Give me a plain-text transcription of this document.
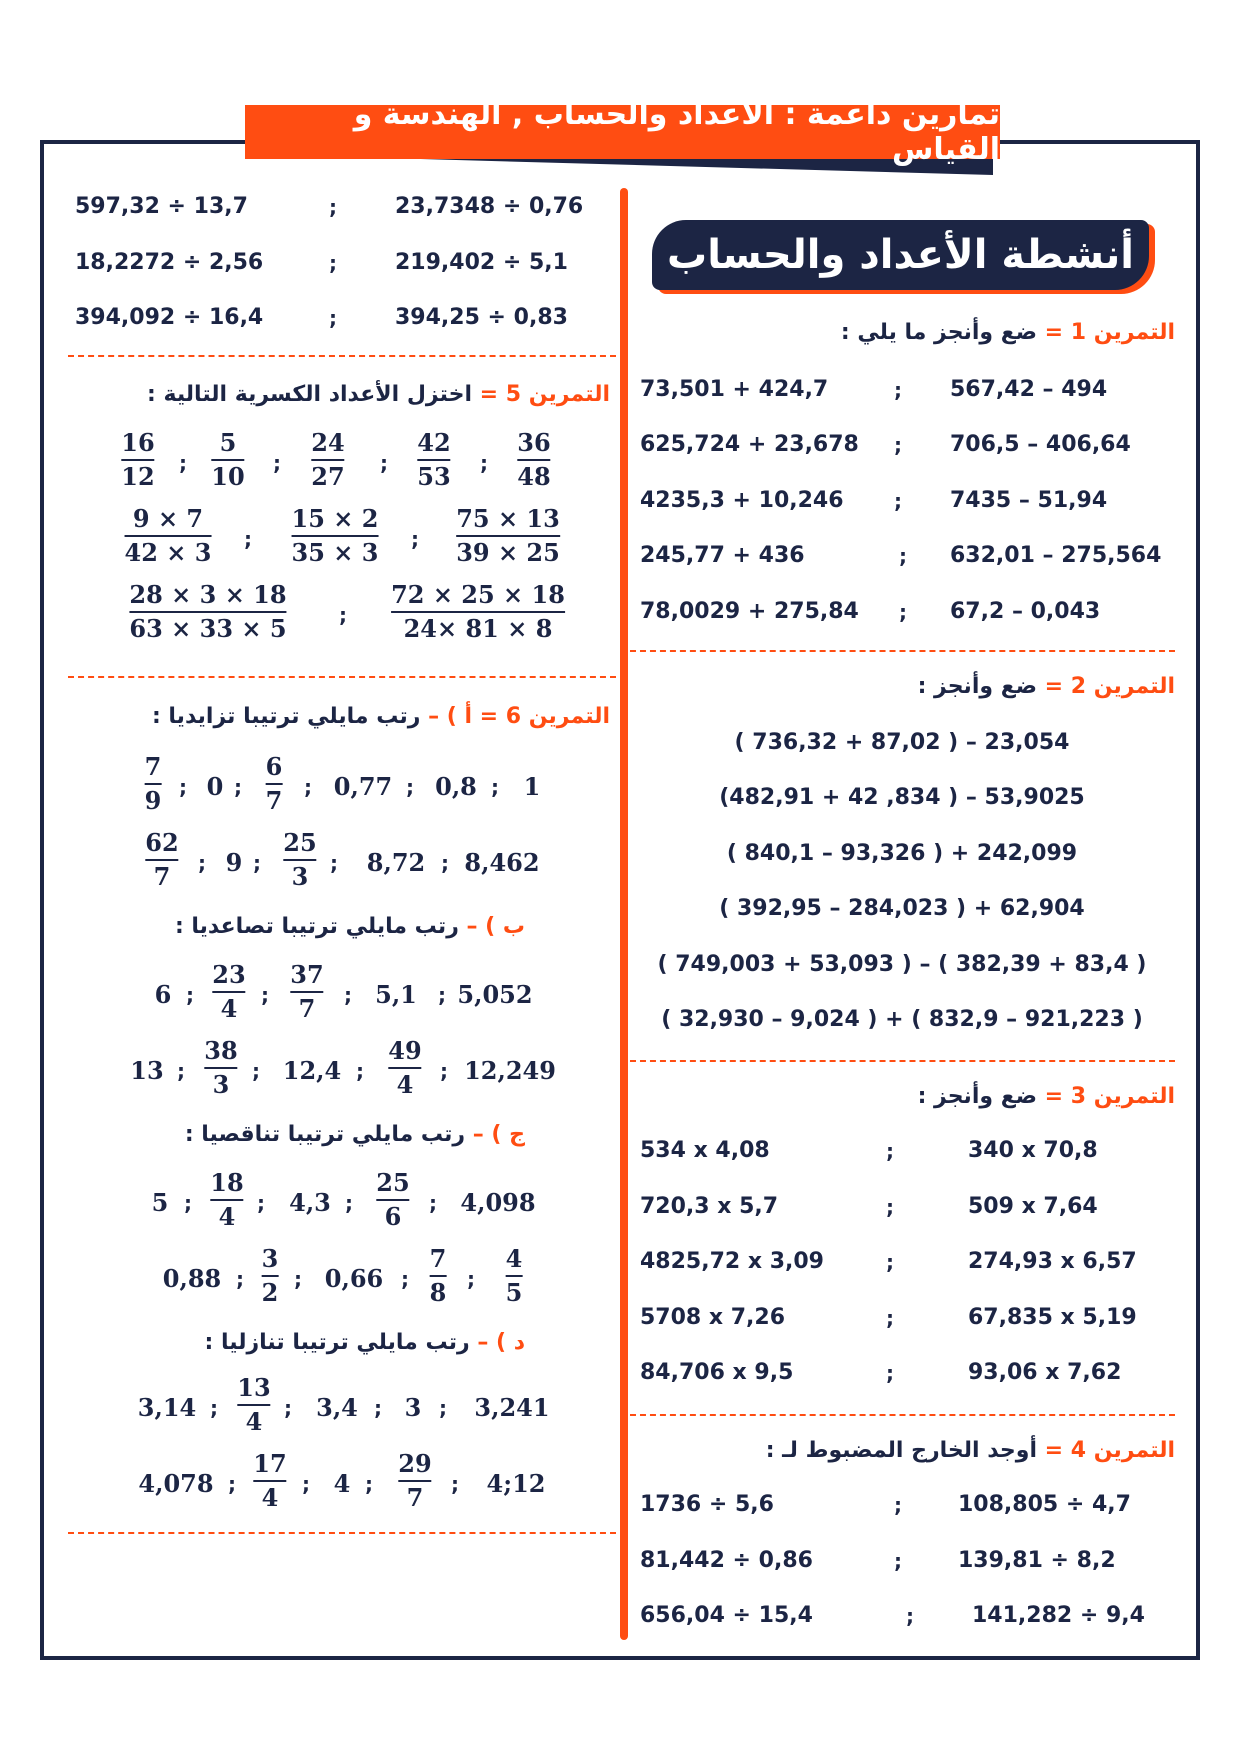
تمارين داعمة : الأعداد والحساب , الهندسة و القياس
أنشطة الأعداد والحساب
التمرين 1 = ضع وأنجز ما يلي :
73,501 + 424,7	; 567,42 – 494
625,724 + 23,678 ; 706,5 – 406,64
4235,3 + 10,246	; 7435 – 51,94
245,77 + 436	; 632,01 – 275,564
78,0029 + 275,84 ; 67,2 – 0,043
التمرين 2 = ضع وأنجز :
( 736,32 + 87,02 ) – 23,054
(482,91 + 42 ,834 ) – 53,9025
( 840,1 – 93,326 ) + 242,099
( 392,95 – 284,023 ) + 62,904
( 749,003 + 53,093 ) – ( 382,39 + 83,4 )
( 32,930 – 9,024 ) + ( 832,9 – 921,223 )
التمرين 3 = ضع وأنجز :
534 x 4,08	;	340 x 70,8
720,3 x 5,7	;	509 x 7,64
4825,72 x 3,09	;	274,93 x 6,57
5708 x 7,26	;	67,835 x 5,19
84,706 x 9,5	;	93,06 x 7,62
التمرين 4 = أوجد الخارج المضبوط لـ :
1736 ÷ 5,6	;	108,805 ÷ 4,7
81,442 ÷ 0,86	;	139,81 ÷ 8,2
656,04 ÷ 15,4	;	141,282 ÷ 9,4
597,32 ÷ 13,7	;	23,7348 ÷ 0,76
18,2272 ÷ 2,56	;	219,402 ÷ 5,1
394,092 ÷ 16,4	;	394,25 ÷ 0,83
التمرين 5 = اختزل الأعداد الكسرية التالية :
16
12 ;
5
10 ;
24
27 ;
42
53 ;
36
48
9 × 7
42 × 3 ;
15 × 2
35 × 3 ;
75 × 13
39 × 25
28 × 3 × 18
63 × 33 × 5	;
72 × 25 × 18
24× 81 × 8
التمرين 6 = أ ) – رتب مايلي ترتيبا تزايديا :
7
9 ; 0 ;
6
7 ; 0,77 ; 0,8 ; 1
62
7 ; 9 ;
25
3 ; 8,72 ; 8,462
ب ) – رتب مايلي ترتيبا تصاعديا :
6 ;
23
4 ;
37
7 ; 5,1 ; 5,052
13 ;
38
3 ; 12,4 ;
49
4 ; 12,249
ج ) – رتب مايلي ترتيبا تناقصيا :
5 ;
18
4 ; 4,3 ;
25
6 ; 4,098
0,88 ;
3
2 ; 0,66 ;
7
8 ;
4
5
د ) – رتب مايلي ترتيبا تنازليا :
3,14 ;
13
4 ; 3,4 ; 3 ; 3,241
4,078 ;
17
4 ; 4 ;
29
7 ; 4;12
